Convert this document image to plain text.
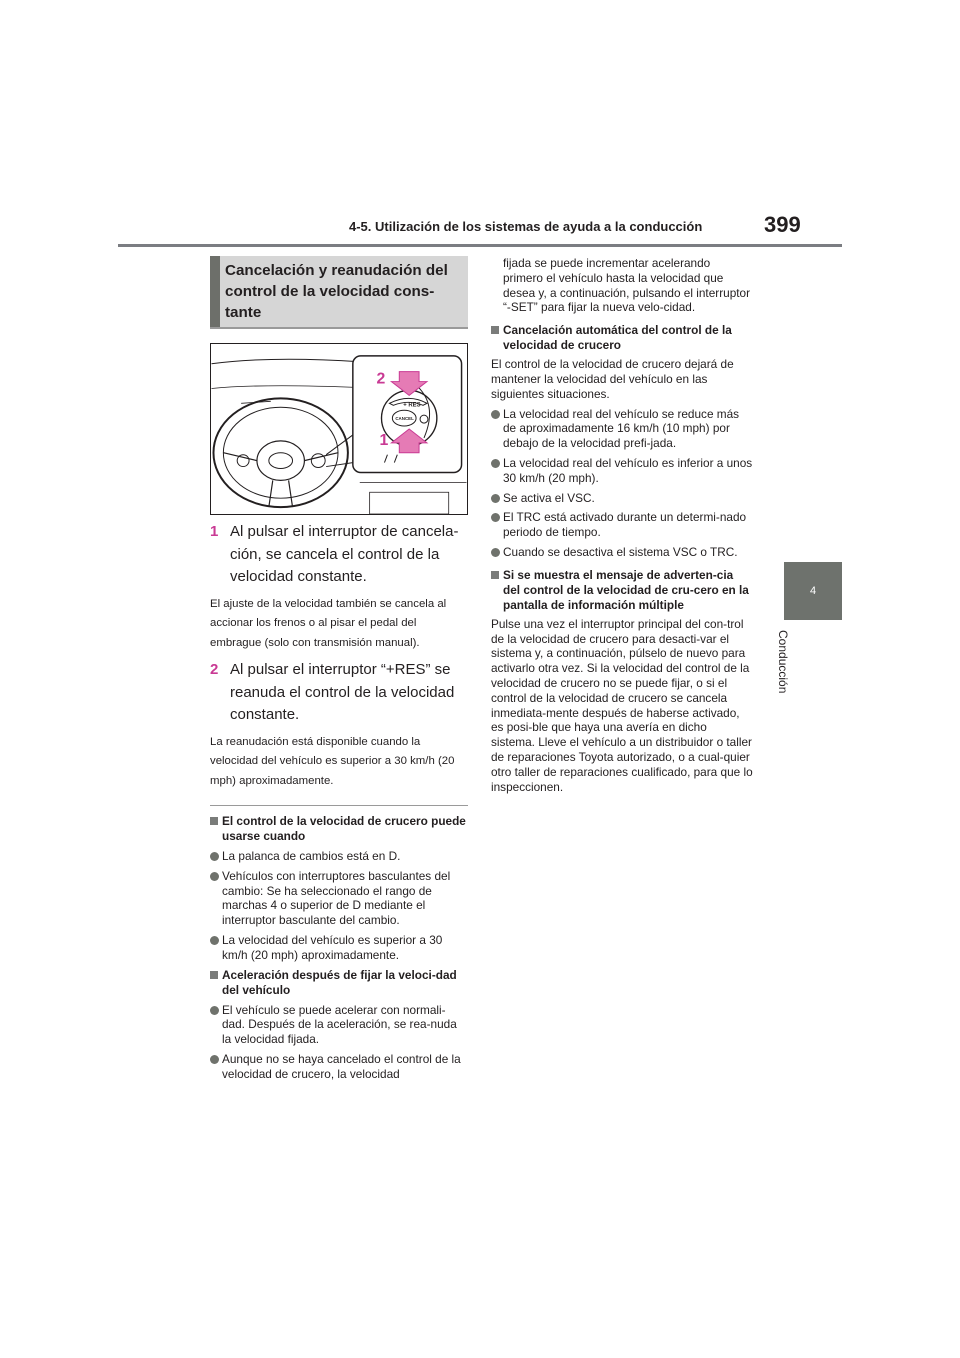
4-5. Utilización de los sistemas de ayuda a la conducción	399
4
Conducción

Cancelación y reanudación del control de la velocidad cons-tante

+ RES
CANCEL
2
1
1 Al pulsar el interruptor de cancela-ción, se cancela el control de la velocidad constante.

El ajuste de la velocidad también se cancela al accionar los frenos o al pisar el pedal del embrague (solo con transmisión manual).

2 Al pulsar el interruptor “+RES” se reanuda el control de la velocidad constante.

La reanudación está disponible cuando la velocidad del vehículo es superior a 30 km/h (20 mph) aproximadamente.

El control de la velocidad de crucero puede usarse cuando

La palanca de cambios está en D.

Vehículos con interruptores basculantes del cambio: Se ha seleccionado el rango de marchas 4 o superior de D mediante el interruptor basculante del cambio.

La velocidad del vehículo es superior a 30 km/h (20 mph) aproximadamente.

Aceleración después de fijar la veloci-dad del vehículo

El vehículo se puede acelerar con normali-dad. Después de la aceleración, se rea-nuda la velocidad fijada.

Aunque no se haya cancelado el control de la velocidad de crucero, la velocidad

fijada se puede incrementar acelerando primero el vehículo hasta la velocidad que desea y, a continuación, pulsando el interruptor “-SET” para fijar la nueva velo-cidad.

Cancelación automática del control de la velocidad de crucero

El control de la velocidad de crucero dejará de mantener la velocidad del vehículo en las siguientes situaciones.

La velocidad real del vehículo se reduce más de aproximadamente 16 km/h (10 mph) por debajo de la velocidad prefi-jada.

La velocidad real del vehículo es inferior a unos 30 km/h (20 mph).

Se activa el VSC.

El TRC está activado durante un determi-nado periodo de tiempo.

Cuando se desactiva el sistema VSC o TRC.

Si se muestra el mensaje de adverten-cia del control de la velocidad de cru-cero en la pantalla de información múltiple

Pulse una vez el interruptor principal del con-trol de la velocidad de crucero para desacti-var el sistema y, a continuación, púlselo de nuevo para activarlo otra vez. Si la velocidad del control de la velocidad de crucero no se puede fijar, o si el control de la velocidad de crucero se cancela inmediata-mente después de haberse activado, es posi-ble que haya una avería en dicho sistema. Lleve el vehículo a un distribuidor o taller de reparaciones Toyota autorizado, o a cual-quier otro taller de reparaciones cualificado, para que lo inspeccionen.
